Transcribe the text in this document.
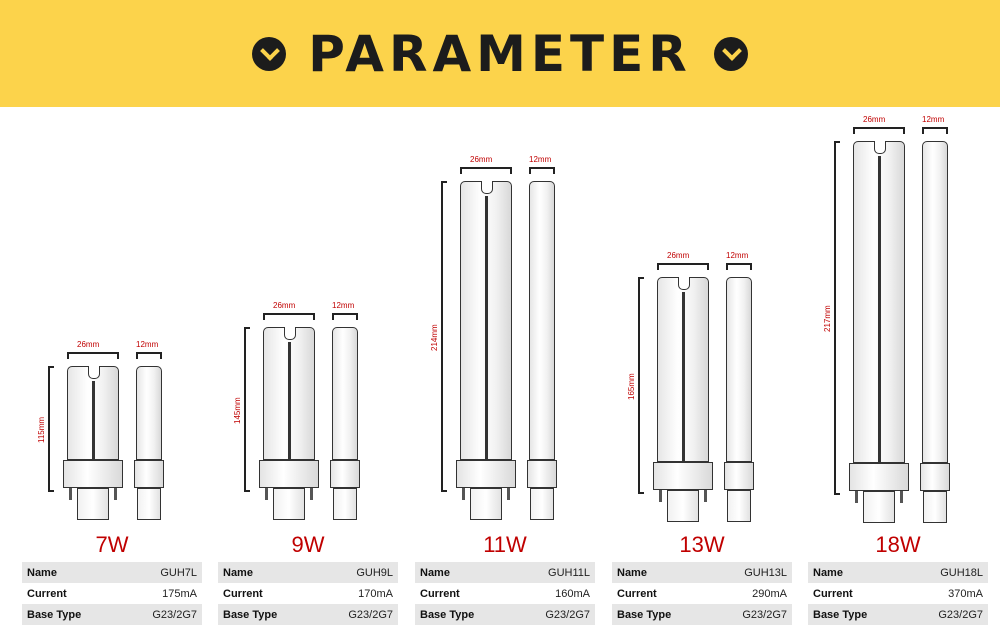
PARAMETER
115mm
26mm	12mm
7W
Name	GUH7L
Current	175mA
Base Type	G23/2G7
145mm
26mm	12mm
9W
Name	GUH9L
Current	170mA
Base Type	G23/2G7
214mm
26mm	12mm
11W
Name	GUH11L
Current	160mA
Base Type	G23/2G7
165mm
26mm	12mm
13W
Name	GUH13L
Current	290mA
Base Type	G23/2G7
217mm
26mm	12mm
18W
Name	GUH18L
Current	370mA
Base Type	G23/2G7
